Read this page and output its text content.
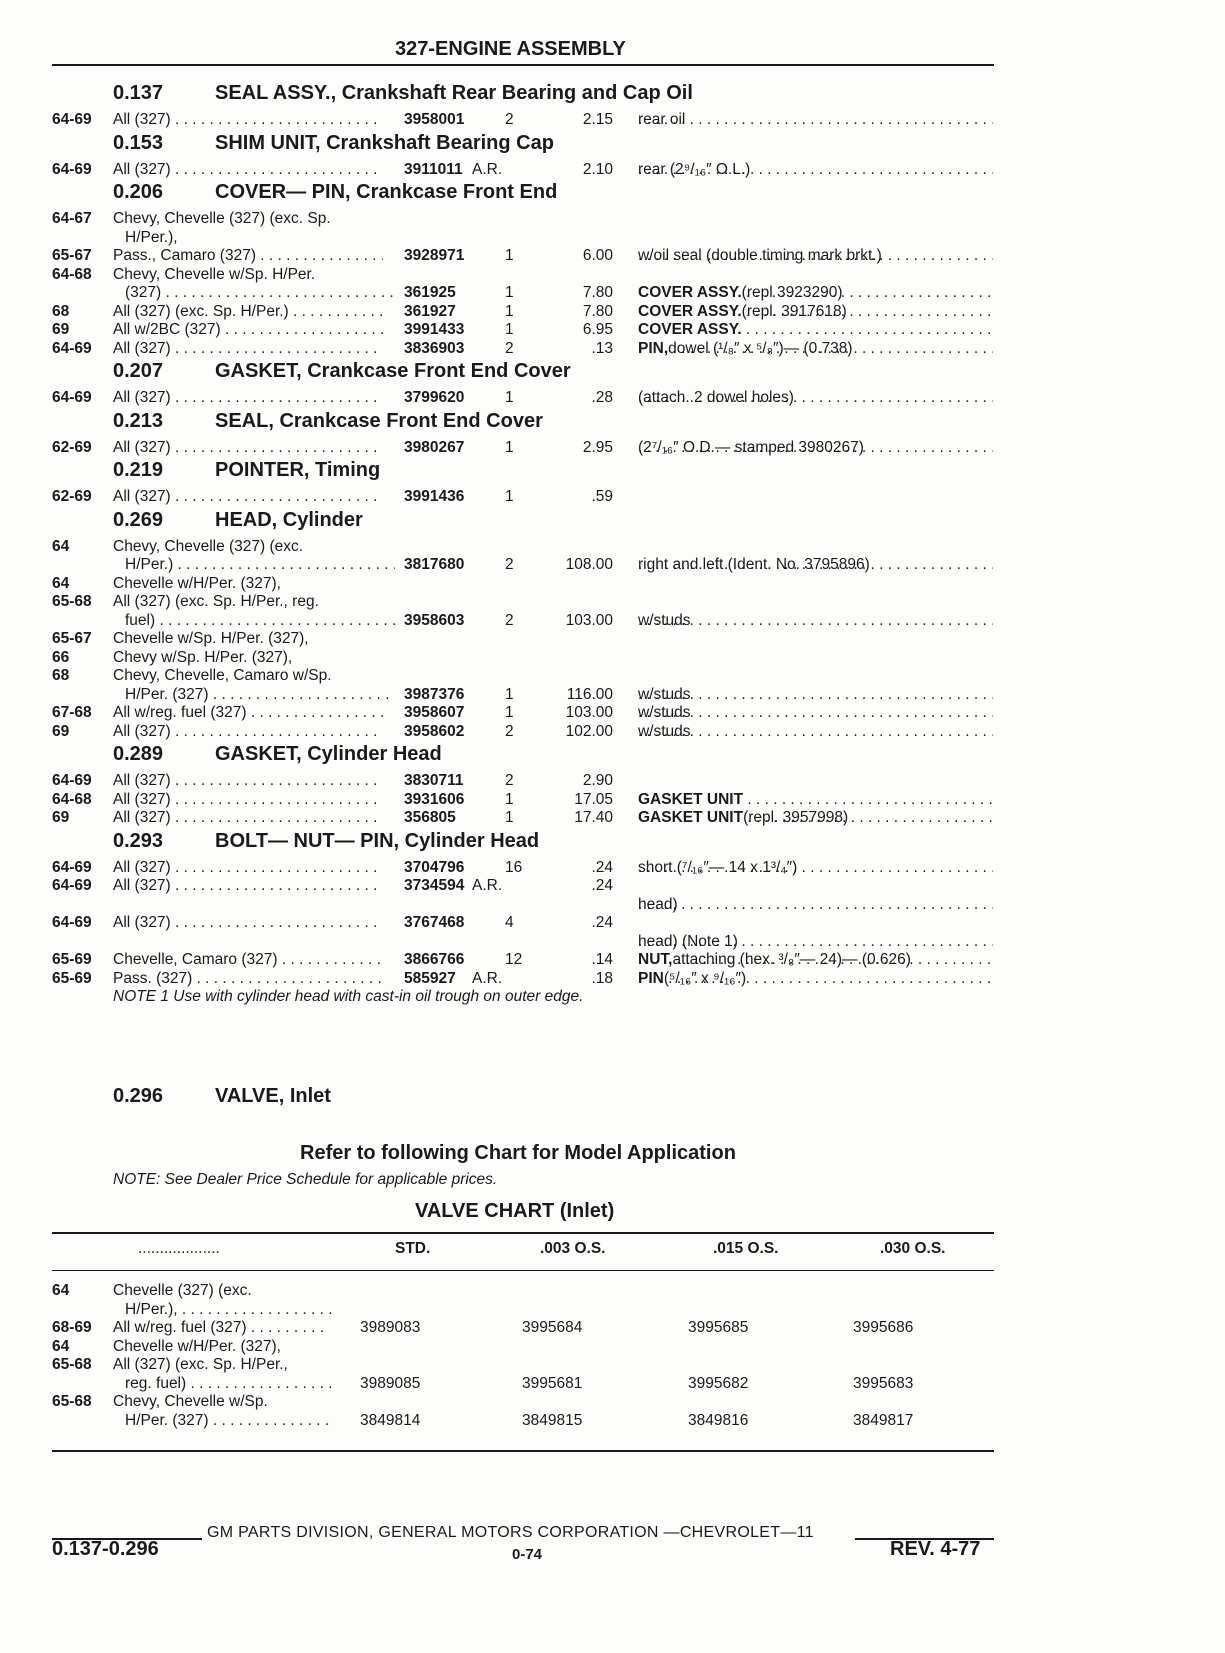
327-ENGINE ASSEMBLY
0.137	SEAL ASSY., Crankshaft Rear Bearing and Cap Oil
64-69 All (327) . . .	3958001	2	2.15 rear oil
. . .
0.153	SHIM UNIT, Crankshaft Bearing Cap
64-69 All (327) . . .	3911011 A.R.	2.10 rear (2⁹/₁₆″ O.L.)
. . .
0.206	COVER— PIN, Crankcase Front End
64-67 Chevy, Chevelle (327) (exc. Sp.
H/Per.),
65-67 Pass., Camaro (327) . . .	3928971	1	6.00 w/oil seal (double timing mark brkt.)
. . .
64-68 Chevy, Chevelle w/Sp. H/Per.
(327) . . .	361925	1	7.80 COVER ASSY. (repl 3923290)
. . .
68	All (327) (exc. Sp. H/Per.) . . .	361927	1	7.80 COVER ASSY. (repl. 3917618)
. . .
69	All w/2BC (327) . . .	3991433	1	6.95 COVER ASSY. . . .
64-69 All (327) . . .	3836903	2	.13 PIN, dowel (¹/₈″ x ⁵/₈″)— (0.738)
. . .
0.207	GASKET, Crankcase Front End Cover
64-69 All (327) . . .	3799620	1	.28 (attach. 2 dowel holes)
. . .
0.213	SEAL, Crankcase Front End Cover
62-69 All (327) . . .	3980267	1	2.95 (2⁷/₁₆″ O.D.— stamped 3980267)
. . .
0.219	POINTER, Timing
62-69 All (327) . . .	3991436	1	.59
0.269	HEAD, Cylinder
64	Chevy, Chevelle (327) (exc.
H/Per.) . . .	3817680	2	108.00 right and left (Ident. No. 3795896)
. . .
64	Chevelle w/H/Per. (327),
65-68 All (327) (exc. Sp. H/Per., reg.
fuel) . . .	3958603	2	103.00 w/studs
. . .
65-67 Chevelle w/Sp. H/Per. (327),
66	Chevy w/Sp. H/Per. (327),
68	Chevy, Chevelle, Camaro w/Sp.
H/Per. (327) . . .	3987376	1	116.00 w/studs
. . .
67-68 All w/reg. fuel (327) . . .	3958607	1	103.00 w/studs
. . .
69	All (327) . . .	3958602	2	102.00 w/studs
. . .
0.289	GASKET, Cylinder Head
64-69 All (327) . . .	3830711	2	2.90
64-68 All (327) . . .	3931606	1	17.05 GASKET UNIT . . .
69	All (327) . . .	356805	1	17.40 GASKET UNIT (repl. 3957998)
. . .
0.293	BOLT— NUT— PIN, Cylinder Head
64-69 All (327) . . .	3704796	16	.24 short (⁷/₁₆″— 14 x 1³/₄″)
. . .
64-69 All (327) . . .	3734594 A.R.	.24
head)
. . .
64-69 All (327) . . .	3767468	4	.24
head) (Note 1)
. . .
65-69 Chevelle, Camaro (327) . . .	3866766	12	.14 NUT, attaching (hex. ³/₈″— 24)— (0.626)
. . .
65-69 Pass. (327) . . .	585927 A.R.	.18 PIN (⁵/₁₆″ x ⁹/₁₆″)
. . .
NOTE 1 Use with cylinder head with cast-in oil trough on outer edge.
0.296	VALVE, Inlet
Refer to following Chart for Model Application
NOTE: See Dealer Price Schedule for applicable prices.
VALVE CHART (Inlet)
...................	STD.	.003 O.S.	.015 O.S.	.030 O.S.
64	Chevelle (327) (exc.
H/Per.), . . .
68-69 All w/reg. fuel (327) . . .	3989083	3995684	3995685	3995686
64	Chevelle w/H/Per. (327),
65-68 All (327) (exc. Sp. H/Per.,
reg. fuel) . . .	3989085	3995681	3995682	3995683
65-68 Chevy, Chevelle w/Sp.
H/Per. (327) . . .	3849814	3849815	3849816	3849817
GM PARTS DIVISION, GENERAL MOTORS CORPORATION —CHEVROLET—11
0.137-0.296	0-74	REV. 4-77
